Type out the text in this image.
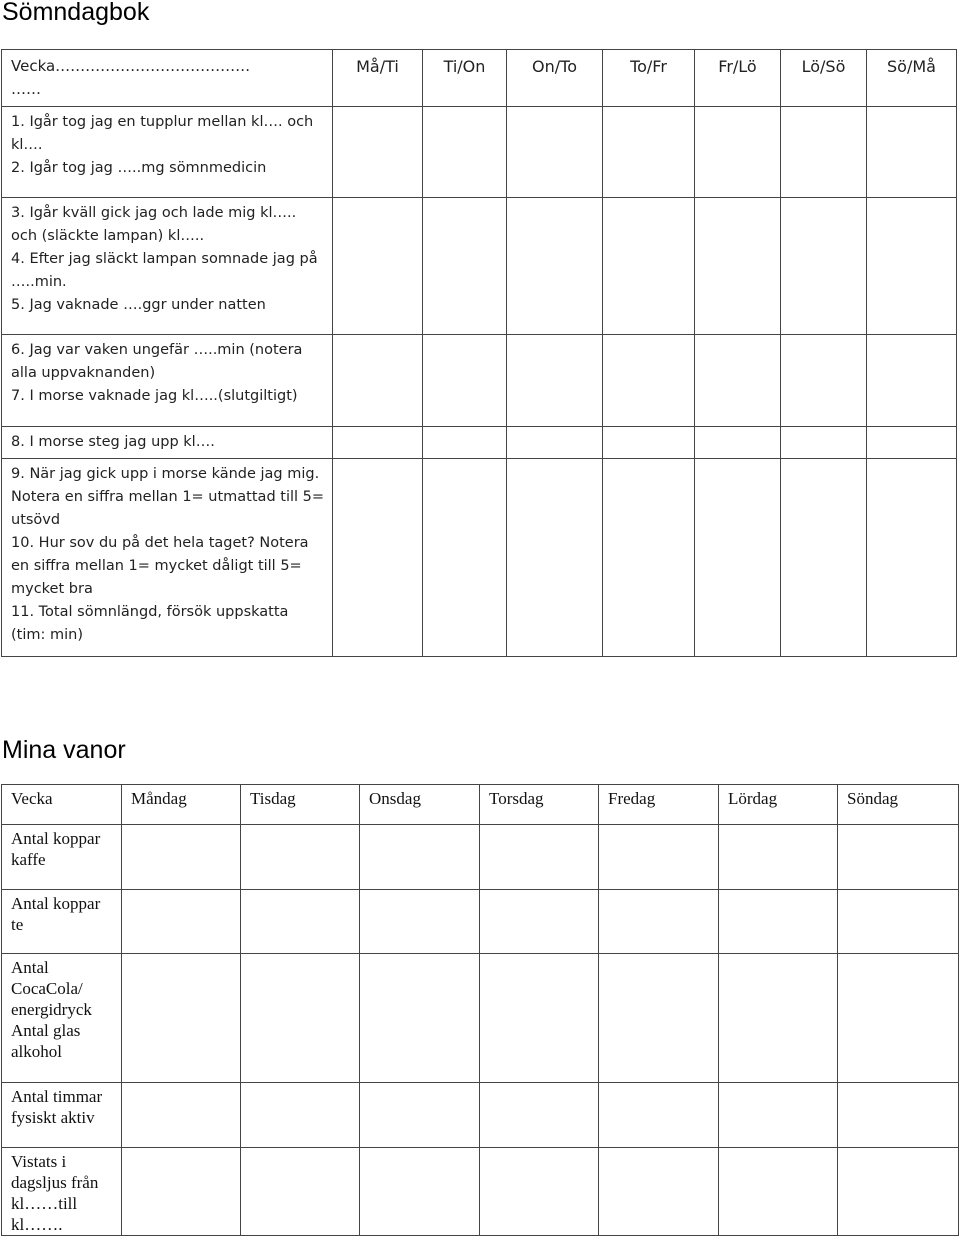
Sömndagbok
Vecka…………………………………
……	Må/Ti	Ti/On	On/To	To/Fr	Fr/Lö	Lö/Sö	Sö/Må

1. Igår tog jag en tupplur mellan kl…. och kl….
2. Igår tog jag …..mg sömnmedicin							

3. Igår kväll gick jag och lade mig kl….. och (släckte lampan) kl…..
4. Efter jag släckt lampan somnade jag på …..min.
5. Jag vaknade ….ggr under natten							

6. Jag var vaken ungefär …..min (notera alla uppvaknanden)
7. I morse vaknade jag kl…..(slutgiltigt)							

8. I morse steg jag upp kl….							

9. När jag gick upp i morse kände jag mig. Notera en siffra mellan 1= utmattad till 5= utsövd
10. Hur sov du på det hela taget? Notera en siffra mellan 1= mycket dåligt till 5= mycket bra
11. Total sömnlängd, försök uppskatta (tim: min)							

Mina vanor
Vecka	Måndag	Tisdag	Onsdag	Torsdag	Fredag	Lördag	Söndag

Antal koppar kaffe							

Antal koppar te							

Antal CocaCola/ energidryck
Antal glas alkohol							

Antal timmar fysiskt aktiv							

Vistats i dagsljus från kl……till kl…….							
